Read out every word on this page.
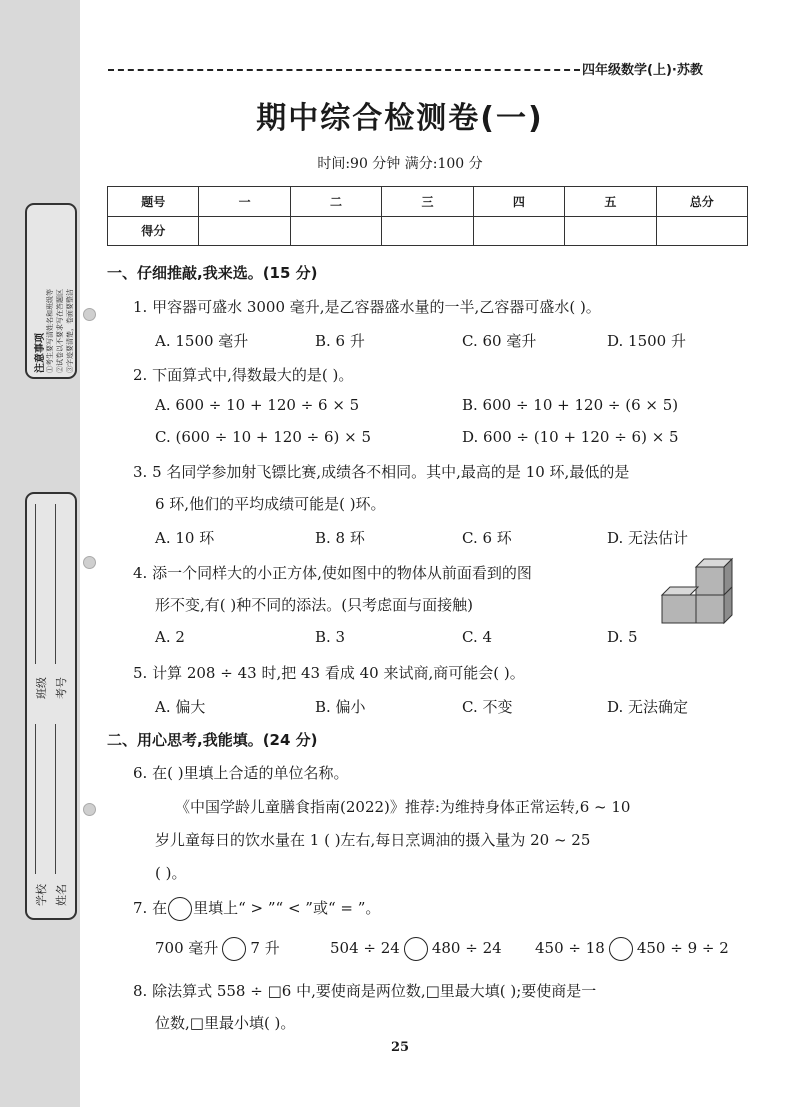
注意事项 ①考生要写清姓名和班级等 ②试卷以不要求写在答题区 ③字迹要清楚，卷面要整洁
班级 考号
学校 姓名
四年级数学(上)·苏教
期中综合检测卷(一)
时间:90 分钟 满分:100 分
题号	一	二	三	四	五	总分
得分						
一、仔细推敲,我来选。(15 分)
1. 甲容器可盛水 3000 毫升,是乙容器盛水量的一半,乙容器可盛水( )。
A. 1500 毫升	B. 6 升	C. 60 毫升	D. 1500 升
2. 下面算式中,得数最大的是( )。
A. 600 ÷ 10 + 120 ÷ 6 × 5	B. 600 ÷ 10 + 120 ÷ (6 × 5)
C. (600 ÷ 10 + 120 ÷ 6) × 5	D. 600 ÷ (10 + 120 ÷ 6) × 5
3. 5 名同学参加射飞镖比赛,成绩各不相同。其中,最高的是 10 环,最低的是
6 环,他们的平均成绩可能是( )环。
A. 10 环	B. 8 环	C. 6 环	D. 无法估计
4. 添一个同样大的小正方体,使如图中的物体从前面看到的图
形不变,有( )种不同的添法。(只考虑面与面接触)
A. 2	B. 3	C. 4	D. 5
5. 计算 208 ÷ 43 时,把 43 看成 40 来试商,商可能会( )。
A. 偏大	B. 偏小	C. 不变	D. 无法确定
二、用心思考,我能填。(24 分)
6. 在( )里填上合适的单位名称。
《中国学龄儿童膳食指南(2022)》推荐:为维持身体正常运转,6 ~ 10
岁儿童每日的饮水量在 1 ( )左右,每日烹调油的摄入量为 20 ~ 25
( )。
7. 在 里填上“ > ”“ < ”或“ = ”。
700 毫升 7 升	504 ÷ 24 480 ÷ 24 450 ÷ 18 450 ÷ 9 ÷ 2
8. 除法算式 558 ÷ □6 中,要使商是两位数,□里最大填( );要使商是一
位数,□里最小填( )。
25
